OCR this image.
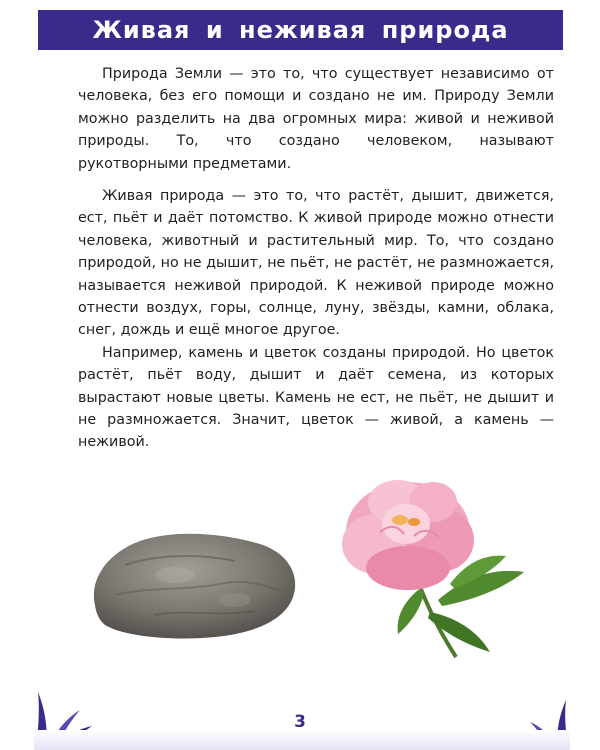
Живая и неживая природа

Природа Земли — это то, что существует независимо от человека, без его помощи и создано не им. Природу Земли можно разделить на два огромных мира: живой и неживой природы. То, что создано человеком, называют рукотворными предметами.

Живая природа — это то, что растёт, дышит, движется, ест, пьёт и даёт потомство. К живой природе можно отнести человека, животный и растительный мир. То, что создано природой, но не дышит, не пьёт, не растёт, не размножается, называется неживой природой. К неживой природе можно отнести воздух, горы, солнце, луну, звёзды, камни, облака, снег, дождь и ещё многое другое.

Например, камень и цветок созданы природой. Но цветок растёт, пьёт воду, дышит и даёт семена, из которых вырастают новые цветы. Камень не ест, не пьёт, не дышит и не размножается. Значит, цветок — живой, а камень — неживой.

3
